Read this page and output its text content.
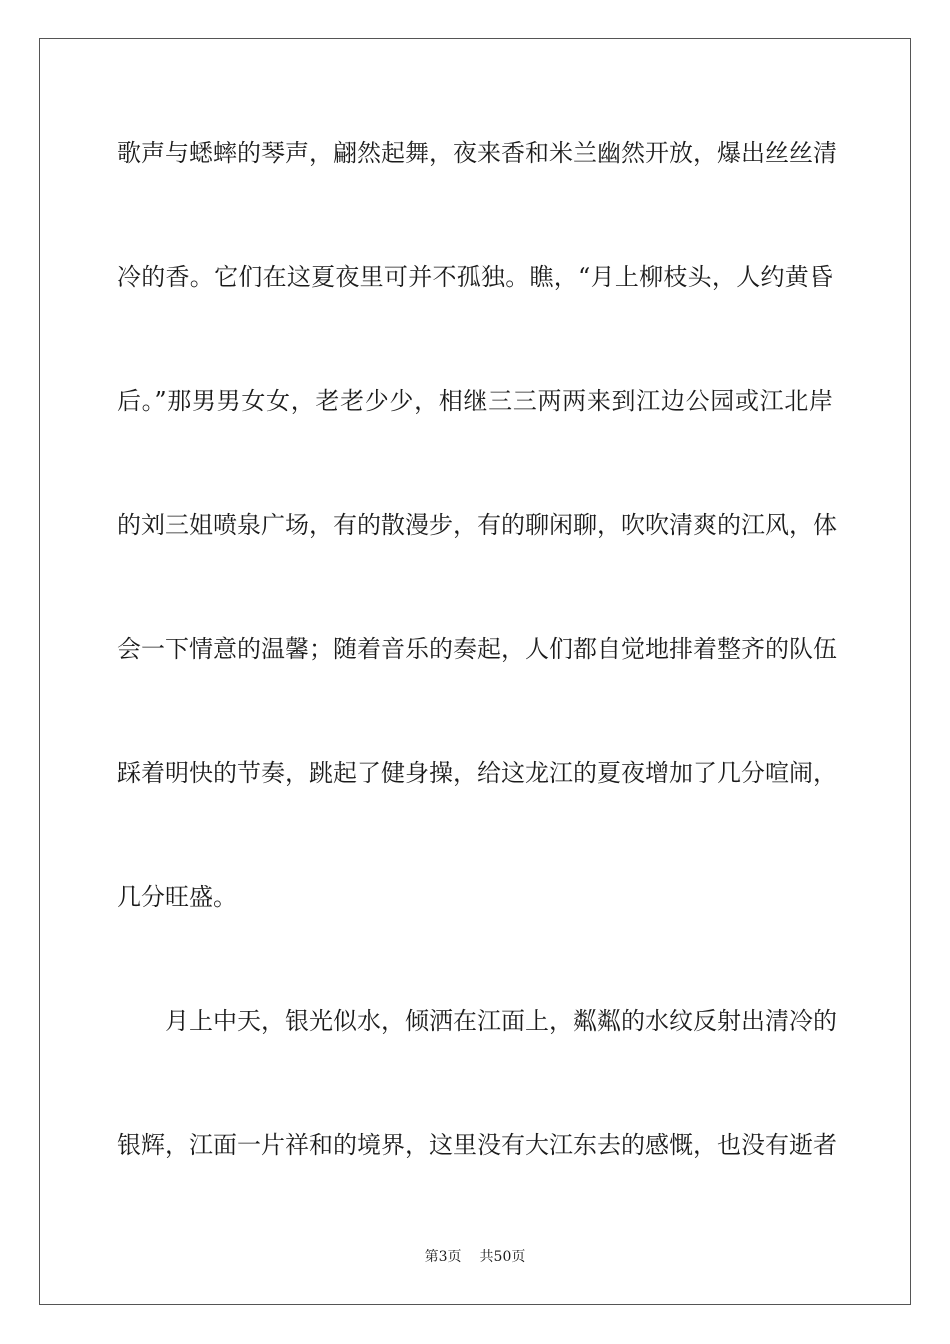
歌声与蟋蟀的琴声，翩然起舞，夜来香和米兰幽然开放，爆出丝丝清
冷的香。它们在这夏夜里可并不孤独。瞧，“月上柳枝头，人约黄昏
后。”那男男女女，老老少少，相继三三两两来到江边公园或江北岸
的刘三姐喷泉广场，有的散漫步，有的聊闲聊，吹吹清爽的江风，体
会一下情意的温馨；随着音乐的奏起，人们都自觉地排着整齐的队伍
踩着明快的节奏，跳起了健身操，给这龙江的夏夜增加了几分喧闹，
几分旺盛。
月上中天，银光似水，倾洒在江面上，粼粼的水纹反射出清冷的
银辉，江面一片祥和的境界，这里没有大江东去的感慨，也没有逝者
第3页 共50页
